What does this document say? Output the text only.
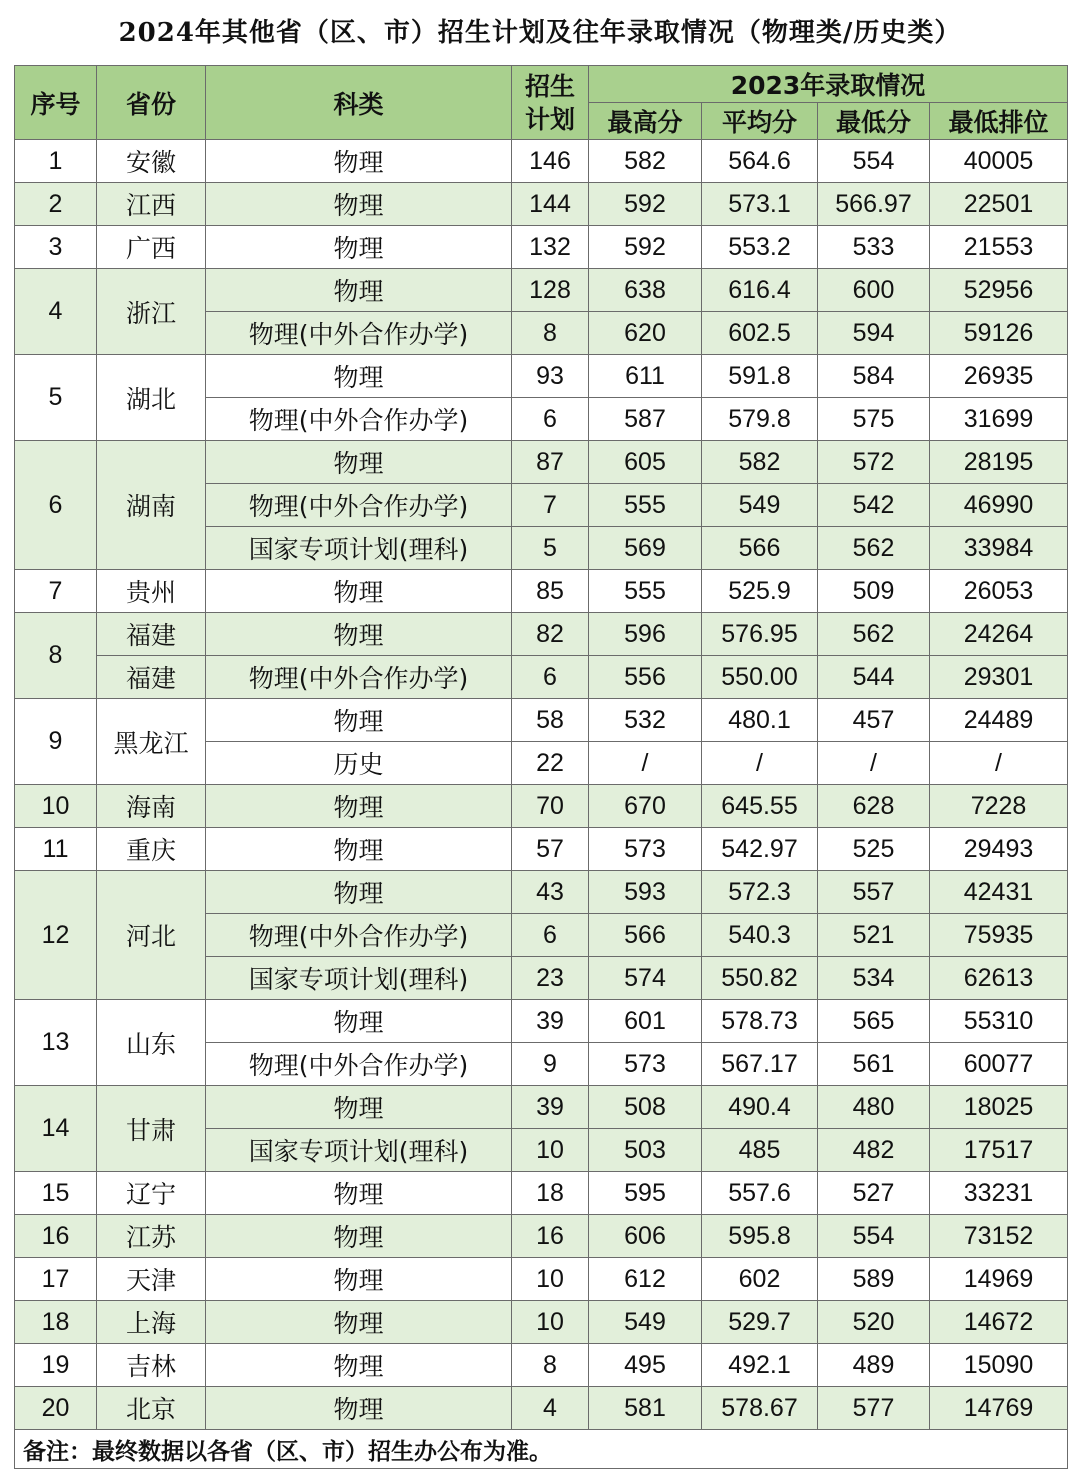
2024年其他省（区、市）招生计划及往年录取情况（物理类/历史类）
序号	省份	科类	招生计划	2023年录取情况			
				最高分	平均分	最低分	最低排位
1	安徽	物理	146	582	564.6	554	40005
2	江西	物理	144	592	573.1	566.97	22501
3	广西	物理	132	592	553.2	533	21553
4	浙江	物理	128	638	616.4	600	52956
		物理(中外合作办学)	8	620	602.5	594	59126
5	湖北	物理	93	611	591.8	584	26935
		物理(中外合作办学)	6	587	579.8	575	31699
6	湖南	物理	87	605	582	572	28195
		物理(中外合作办学)	7	555	549	542	46990
		国家专项计划(理科)	5	569	566	562	33984
7	贵州	物理	85	555	525.9	509	26053
8	福建	物理	82	596	576.95	562	24264
	福建	物理(中外合作办学)	6	556	550.00	544	29301
9	黑龙江	物理	58	532	480.1	457	24489
		历史	22	/	/	/	/
10	海南	物理	70	670	645.55	628	7228
11	重庆	物理	57	573	542.97	525	29493
12	河北	物理	43	593	572.3	557	42431
		物理(中外合作办学)	6	566	540.3	521	75935
		国家专项计划(理科)	23	574	550.82	534	62613
13	山东	物理	39	601	578.73	565	55310
		物理(中外合作办学)	9	573	567.17	561	60077
14	甘肃	物理	39	508	490.4	480	18025
		国家专项计划(理科)	10	503	485	482	17517
15	辽宁	物理	18	595	557.6	527	33231
16	江苏	物理	16	606	595.8	554	73152
17	天津	物理	10	612	602	589	14969
18	上海	物理	10	549	529.7	520	14672
19	吉林	物理	8	495	492.1	489	15090
20	北京	物理	4	581	578.67	577	14769
备注：最终数据以各省（区、市）招生办公布为准。							
